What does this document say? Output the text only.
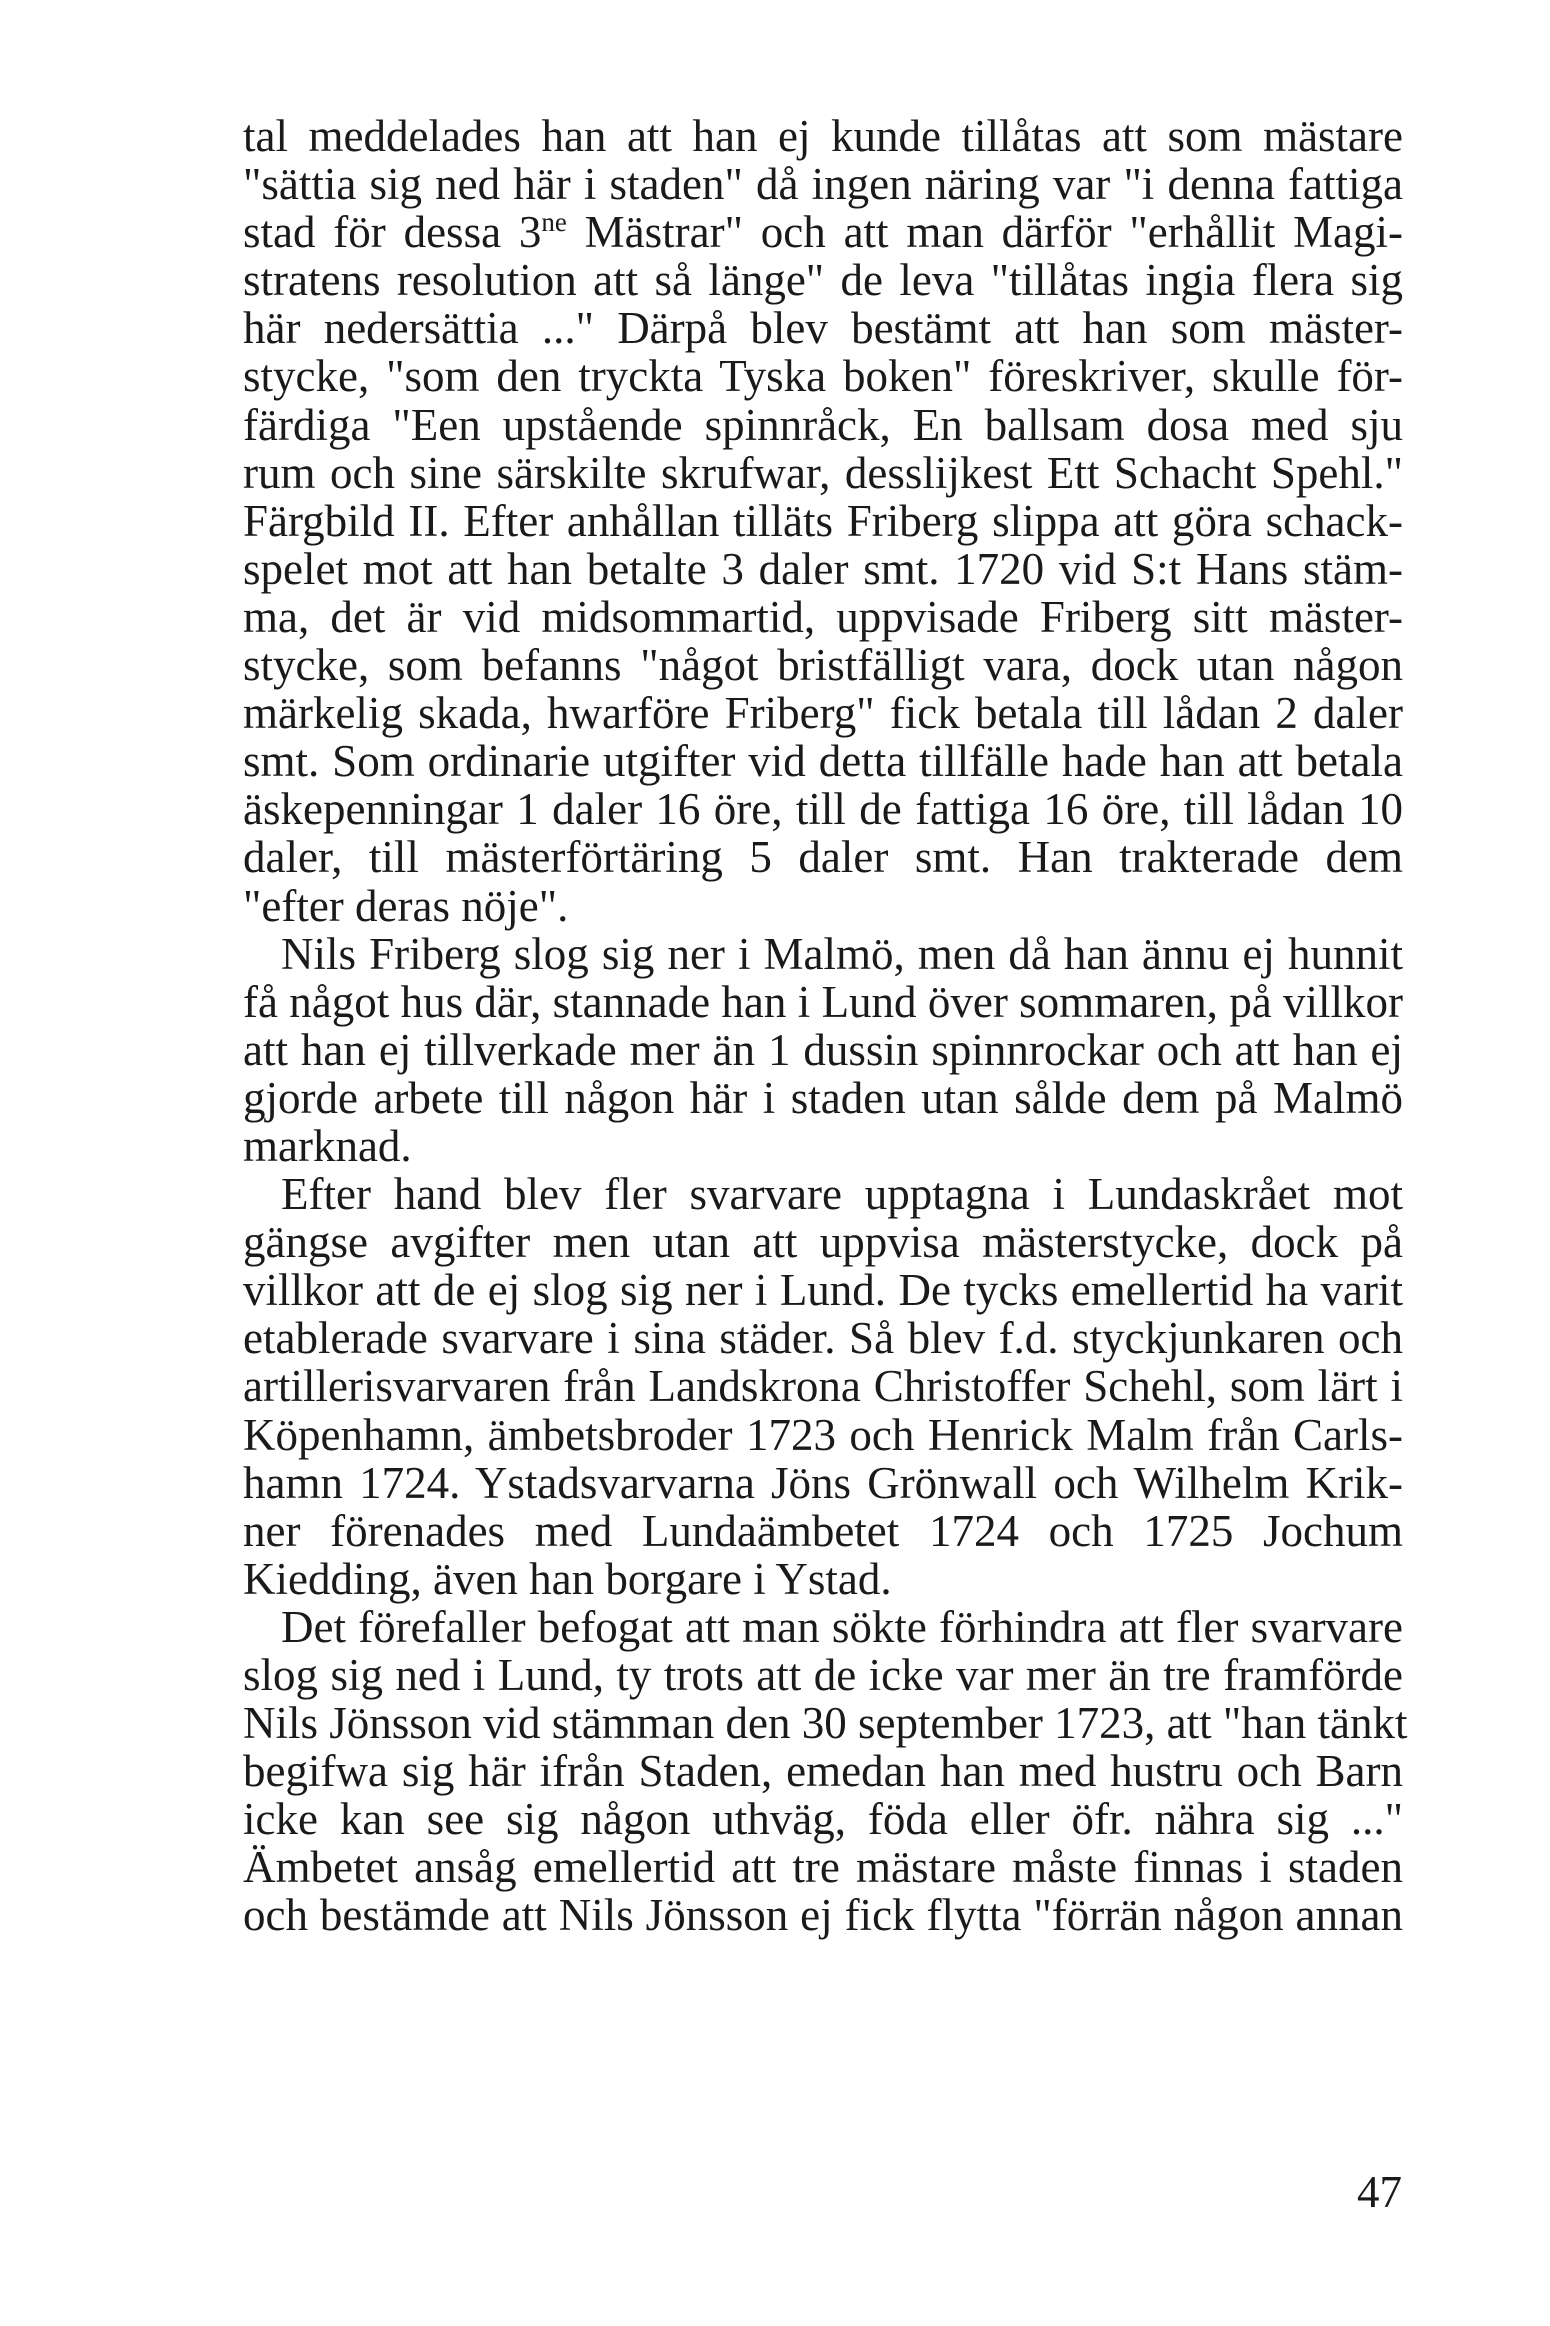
tal meddelades han att han ej kunde tillåtas att som mästare
"sättia sig ned här i staden" då ingen näring var "i denna fattiga
stad för dessa $3^{ne}$ Mästrar" och att man därför "erhållit Magi-
stratens resolution att så länge" de leva "tillåtas ingia flera sig
här nedersättia ..." Därpå blev bestämt att han som mäster-
stycke, "som den tryckta Tyska boken" föreskriver, skulle för-
färdiga "Een upstående spinnråck, En ballsam dosa med sju
rum och sine särskilte skrufwar, desslijkest Ett Schacht Spehl."
Färgbild II. Efter anhållan tilläts Friberg slippa att göra schack-
spelet mot att han betalte 3 daler smt. 1720 vid S:t Hans stäm-
ma, det är vid midsommartid, uppvisade Friberg sitt mäster-
stycke, som befanns "något bristfälligt vara, dock utan någon
märkelig skada, hwarföre Friberg" fick betala till lådan 2 daler
smt. Som ordinarie utgifter vid detta tillfälle hade han att betala
äskepenningar 1 daler 16 öre, till de fattiga 16 öre, till lådan 10
daler, till mästerförtäring 5 daler smt. Han trakterade dem
"efter deras nöje".
Nils Friberg slog sig ner i Malmö, men då han ännu ej hunnit
få något hus där, stannade han i Lund över sommaren, på villkor
att han ej tillverkade mer än 1 dussin spinnrockar och att han ej
gjorde arbete till någon här i staden utan sålde dem på Malmö
marknad.
Efter hand blev fler svarvare upptagna i Lundaskrået mot
gängse avgifter men utan att uppvisa mästerstycke, dock på
villkor att de ej slog sig ner i Lund. De tycks emellertid ha varit
etablerade svarvare i sina städer. Så blev f.d. styckjunkaren och
artillerisvarvaren från Landskrona Christoffer Schehl, som lärt i
Köpenhamn, ämbetsbroder 1723 och Henrick Malm från Carls-
hamn 1724. Ystadsvarvarna Jöns Grönwall och Wilhelm Krik-
ner förenades med Lundaämbetet 1724 och 1725 Jochum
Kiedding, även han borgare i Ystad.
Det förefaller befogat att man sökte förhindra att fler svarvare
slog sig ned i Lund, ty trots att de icke var mer än tre framförde
Nils Jönsson vid stämman den 30 september 1723, att "han tänkt
begifwa sig här ifrån Staden, emedan han med hustru och Barn
icke kan see sig någon uthväg, föda eller öfr. nähra sig ..."
Ämbetet ansåg emellertid att tre mästare måste finnas i staden
och bestämde att Nils Jönsson ej fick flytta "förrän någon annan
47
